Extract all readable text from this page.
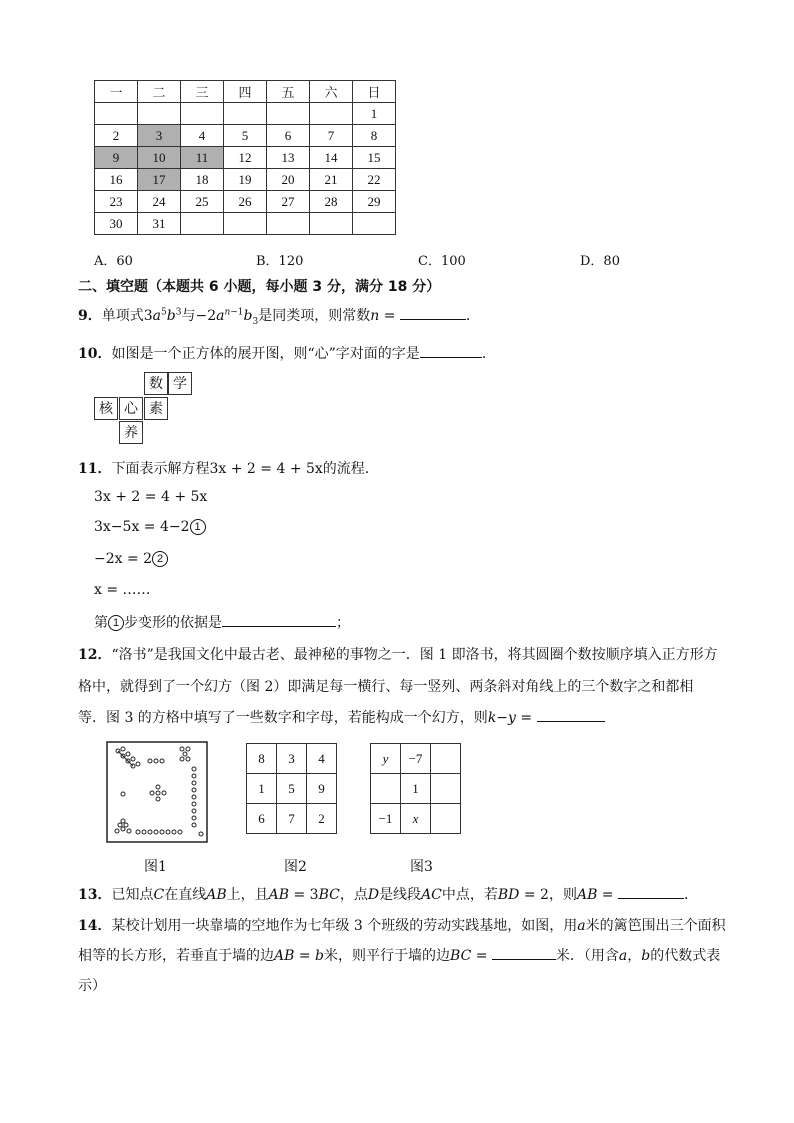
一	二	三	四	五	六	日
						1
2	3	4	5	6	7	8
9	10	11	12	13	14	15
16	17	18	19	20	21	22
23	24	25	26	27	28	29
30	31					
A．60	B．120	C．100	D．80
二、填空题（本题共 6 小题，每小题 3 分，满分 18 分）
9．单项式$3a^5b^3$与$-2a^{n-1}b_3$是同类项，则常数n =	．
10．如图是一个正方体的展开图，则“心”字对面的字是	．
数 学
核 心 素
养
11．下面表示解方程3x + 2 = 4 + 5x的流程．
3x + 2 = 4 + 5x
3x−5x = 4−2 1
−2x = 2 2
x = ……
第 1 步变形的依据是	；
12．“洛书”是我国文化中最古老、最神秘的事物之一．图 1 即洛书，将其圆圈个数按顺序填入正方形方
格中，就得到了一个幻方（图 2）即满足每一横行、每一竖列、两条斜对角线上的三个数字之和都相
等．图 3 的方格中填写了一些数字和字母，若能构成一个幻方，则k−y =
8	3	4
1	5	9
6	7	2
y	−7	
	1	
−1	x	
图1	图2	图3
13．已知点C在直线AB上，且AB = 3BC，点D是线段AC中点，若BD = 2，则AB =	．
14．某校计划用一块靠墙的空地作为七年级 3 个班级的劳动实践基地，如图，用a米的篱笆围出三个面积
相等的长方形，若垂直于墙的边AB = b米，则平行于墙的边BC =	米．（用含a，b的代数式表
示）
